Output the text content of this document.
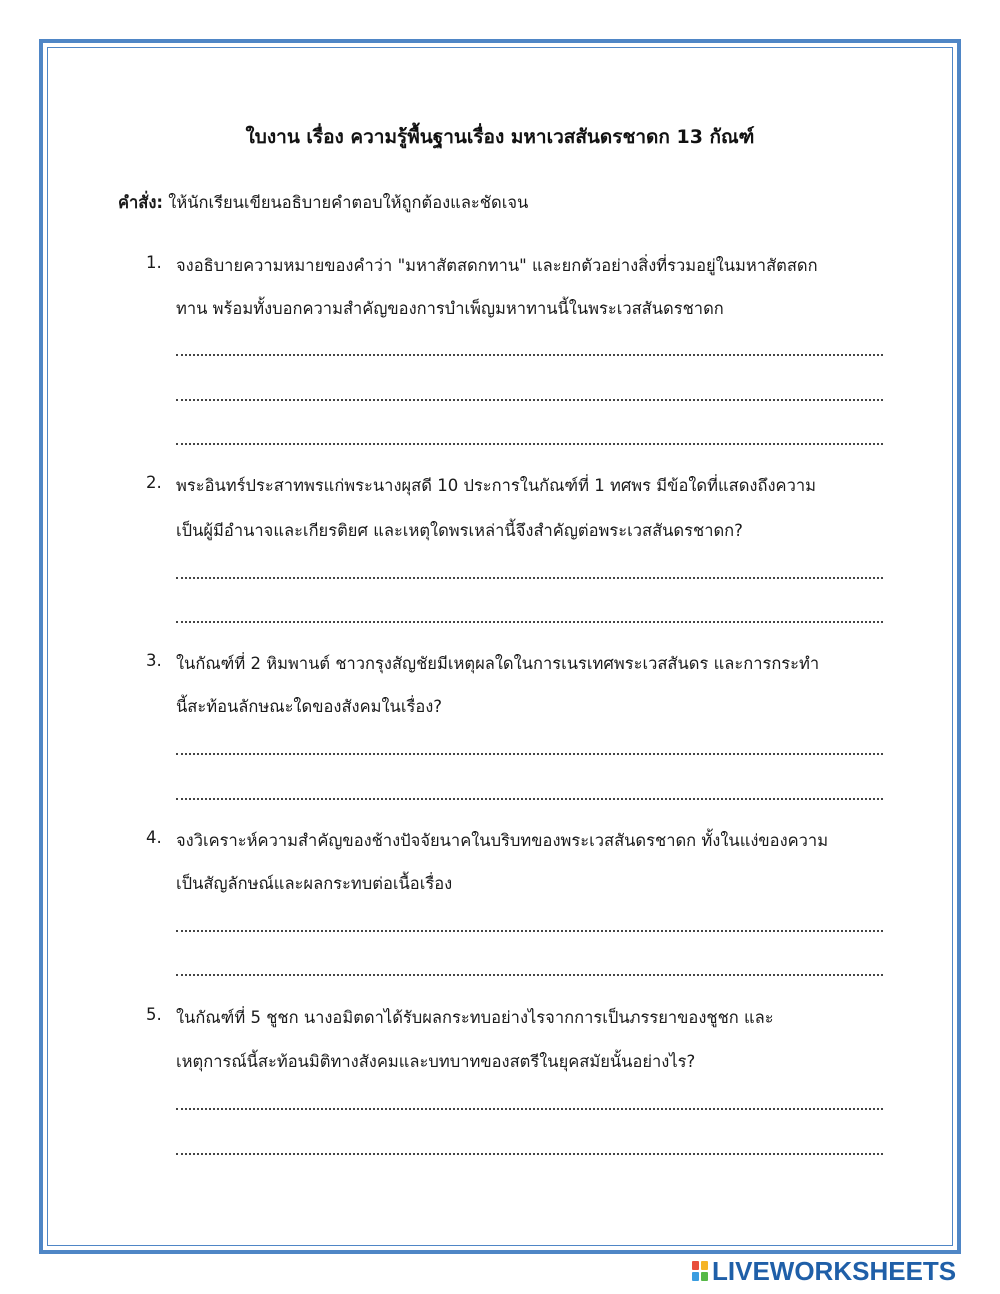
ใบงาน เรื่อง ความรู้พื้นฐานเรื่อง มหาเวสสันดรชาดก 13 กัณฑ์
คำสั่ง: ให้นักเรียนเขียนอธิบายคำตอบให้ถูกต้องและชัดเจน
1. จงอธิบายความหมายของคำว่า "มหาสัตสดกทาน" และยกตัวอย่างสิ่งที่รวมอยู่ในมหาสัตสดก
ทาน พร้อมทั้งบอกความสำคัญของการบำเพ็ญมหาทานนี้ในพระเวสสันดรชาดก
2. พระอินทร์ประสาทพรแก่พระนางผุสดี 10 ประการในกัณฑ์ที่ 1 ทศพร มีข้อใดที่แสดงถึงความ
เป็นผู้มีอำนาจและเกียรติยศ และเหตุใดพรเหล่านี้จึงสำคัญต่อพระเวสสันดรชาดก?
3. ในกัณฑ์ที่ 2 หิมพานต์ ชาวกรุงสัญชัยมีเหตุผลใดในการเนรเทศพระเวสสันดร และการกระทำ
นี้สะท้อนลักษณะใดของสังคมในเรื่อง?
4. จงวิเคราะห์ความสำคัญของช้างปัจจัยนาคในบริบทของพระเวสสันดรชาดก ทั้งในแง่ของความ
เป็นสัญลักษณ์และผลกระทบต่อเนื้อเรื่อง
5. ในกัณฑ์ที่ 5 ชูชก นางอมิตดาได้รับผลกระทบอย่างไรจากการเป็นภรรยาของชูชก และ
เหตุการณ์นี้สะท้อนมิติทางสังคมและบทบาทของสตรีในยุคสมัยนั้นอย่างไร?
LIVEWORKSHEETS
